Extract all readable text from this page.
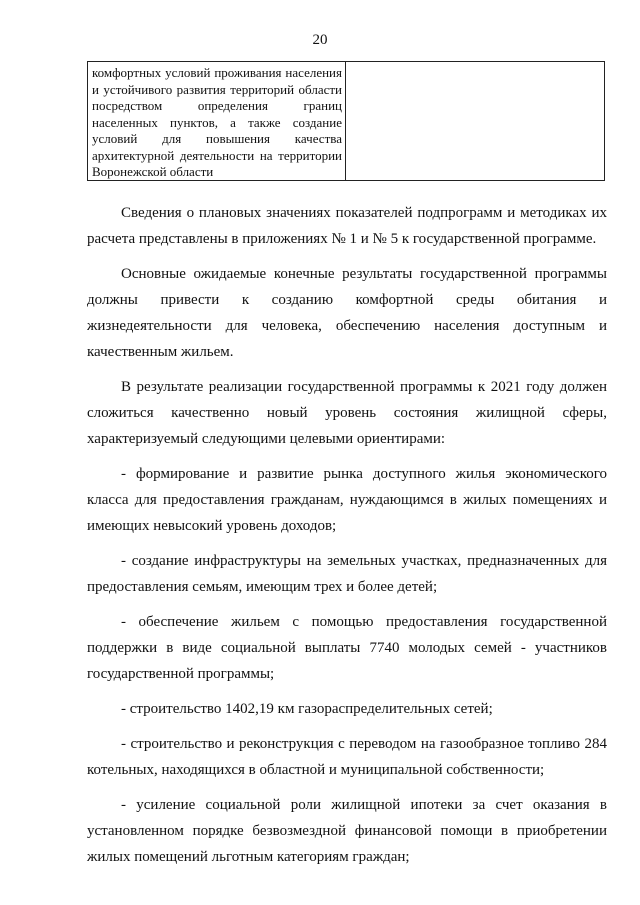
20
комфортных условий проживания населения
и устойчивого развития территорий области
посредством определения границ
населенных пунктов, а также создание
условий для повышения качества
архитектурной деятельности на территории
Воронежской области
Сведения о плановых значениях показателей подпрограмм и методиках их
расчета представлены в приложениях № 1 и № 5 к государственной программе.
Основные ожидаемые конечные результаты государственной программы
должны привести к созданию комфортной среды обитания и
жизнедеятельности для человека, обеспечению населения доступным и
качественным жильем.
В результате реализации государственной программы к 2021 году должен
сложиться качественно новый уровень состояния жилищной сферы,
характеризуемый следующими целевыми ориентирами:
- формирование и развитие рынка доступного жилья экономического
класса для предоставления гражданам, нуждающимся в жилых помещениях и
имеющих невысокий уровень доходов;
- создание инфраструктуры на земельных участках, предназначенных для
предоставления семьям, имеющим трех и более детей;
- обеспечение жильем с помощью предоставления государственной
поддержки в виде социальной выплаты 7740 молодых семей - участников
государственной программы;
- строительство 1402,19 км газораспределительных сетей;
- строительство и реконструкция с переводом на газообразное топливо 284
котельных, находящихся в областной и муниципальной собственности;
- усиление социальной роли жилищной ипотеки за счет оказания в
установленном порядке безвозмездной финансовой помощи в приобретении
жилых помещений льготным категориям граждан;
